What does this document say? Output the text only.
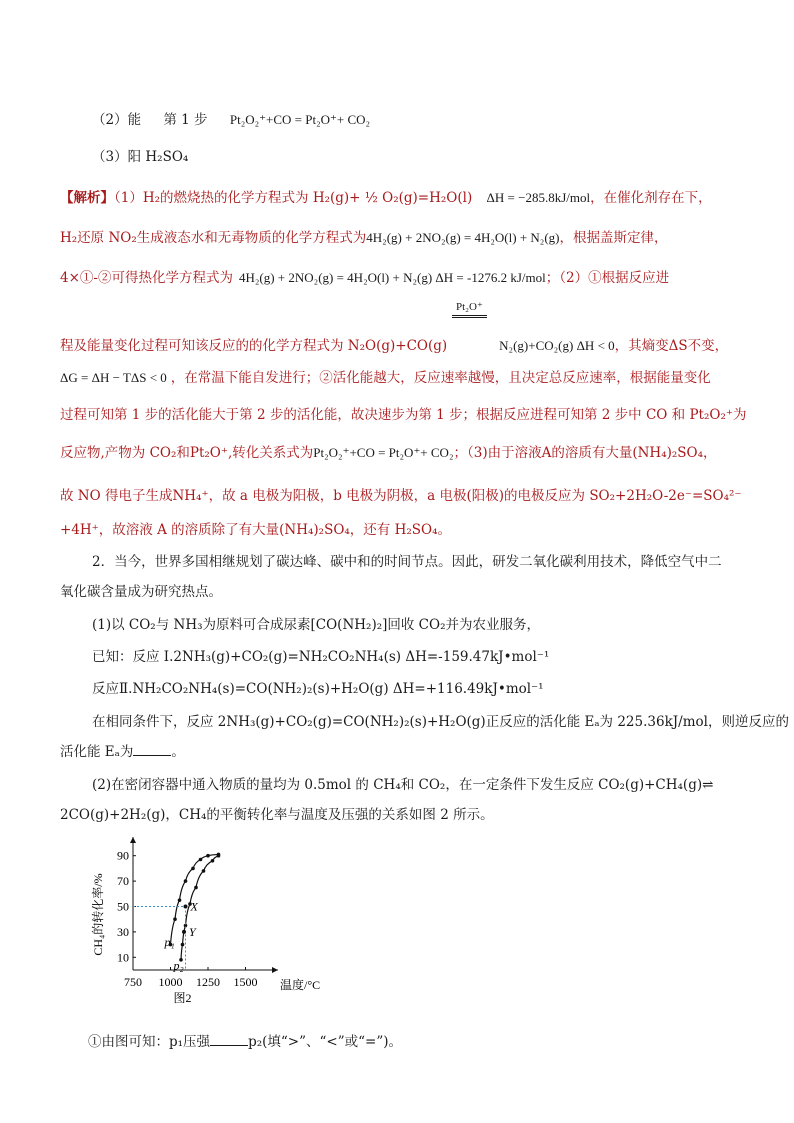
（2）能 第 1 步 Pt₂O₂⁺+CO = Pt₂O⁺+ CO₂
（3）阳 H₂SO₄
【解析】（1）H₂的燃烧热的化学方程式为 H₂(g)+ ½ O₂(g)=H₂O(l) ΔH = −285.8kJ/mol，在催化剂存在下，
H₂还原 NO₂生成液态水和无毒物质的化学方程式为4H₂(g) + 2NO₂(g) = 4H₂O(l) + N₂(g)，根据盖斯定律，
4×①-②可得热化学方程式为 4H₂(g) + 2NO₂(g) = 4H₂O(l) + N₂(g) ΔH = -1276.2 kJ/mol；（2）①根据反应进
Pt₂O⁺
程及能量变化过程可知该反应的的化学方程式为 N₂O(g)+CO(g)	N₂(g)+CO₂(g) ΔH < 0，其熵变ΔS不变，
ΔG = ΔH − TΔS < 0 ，在常温下能自发进行；②活化能越大，反应速率越慢，且决定总反应速率，根据能量变化
过程可知第 1 步的活化能大于第 2 步的活化能，故决速步为第 1 步；根据反应进程可知第 2 步中 CO 和 Pt₂O₂⁺为
反应物,产物为 CO₂和Pt₂O⁺,转化关系式为Pt₂O₂⁺+CO = Pt₂O⁺+ CO₂；（3)由于溶液A的溶质有大量(NH₄)₂SO₄，
故 NO 得电子生成NH₄⁺，故 a 电极为阳极，b 电极为阴极，a 电极(阳极)的电极反应为 SO₂+2H₂O-2e⁻=SO₄²⁻
+4H⁺，故溶液 A 的溶质除了有大量(NH₄)₂SO₄，还有 H₂SO₄。
2．当今，世界多国相继规划了碳达峰、碳中和的时间节点。因此，研发二氧化碳利用技术，降低空气中二
氧化碳含量成为研究热点。
(1)以 CO₂与 NH₃为原料可合成尿素[CO(NH₂)₂]回收 CO₂并为农业服务，
已知：反应 I.2NH₃(g)+CO₂(g)=NH₂CO₂NH₄(s) ΔH=-159.47kJ•mol⁻¹
反应Ⅱ.NH₂CO₂NH₄(s)=CO(NH₂)₂(s)+H₂O(g) ΔH=+116.49kJ•mol⁻¹
在相同条件下，反应 2NH₃(g)+CO₂(g)=CO(NH₂)₂(s)+H₂O(g)正反应的活化能 Eₐ为 225.36kJ/mol，则逆反应的
活化能 Eₐ为	。
(2)在密闭容器中通入物质的量均为 0.5mol 的 CH₄和 CO₂，在一定条件下发生反应 CO₂(g)+CH₄(g)⇌
2CO(g)+2H₂(g)，CH₄的平衡转化率与温度及压强的关系如图 2 所示。
10
30
50
70
90
750 1000 1250 1500 温度/°C
CH₄的转化率/%
图2
X
Y
p₁
p₂
①由图可知：p₁压强	p₂(填“>”、“<”或“=”)。
